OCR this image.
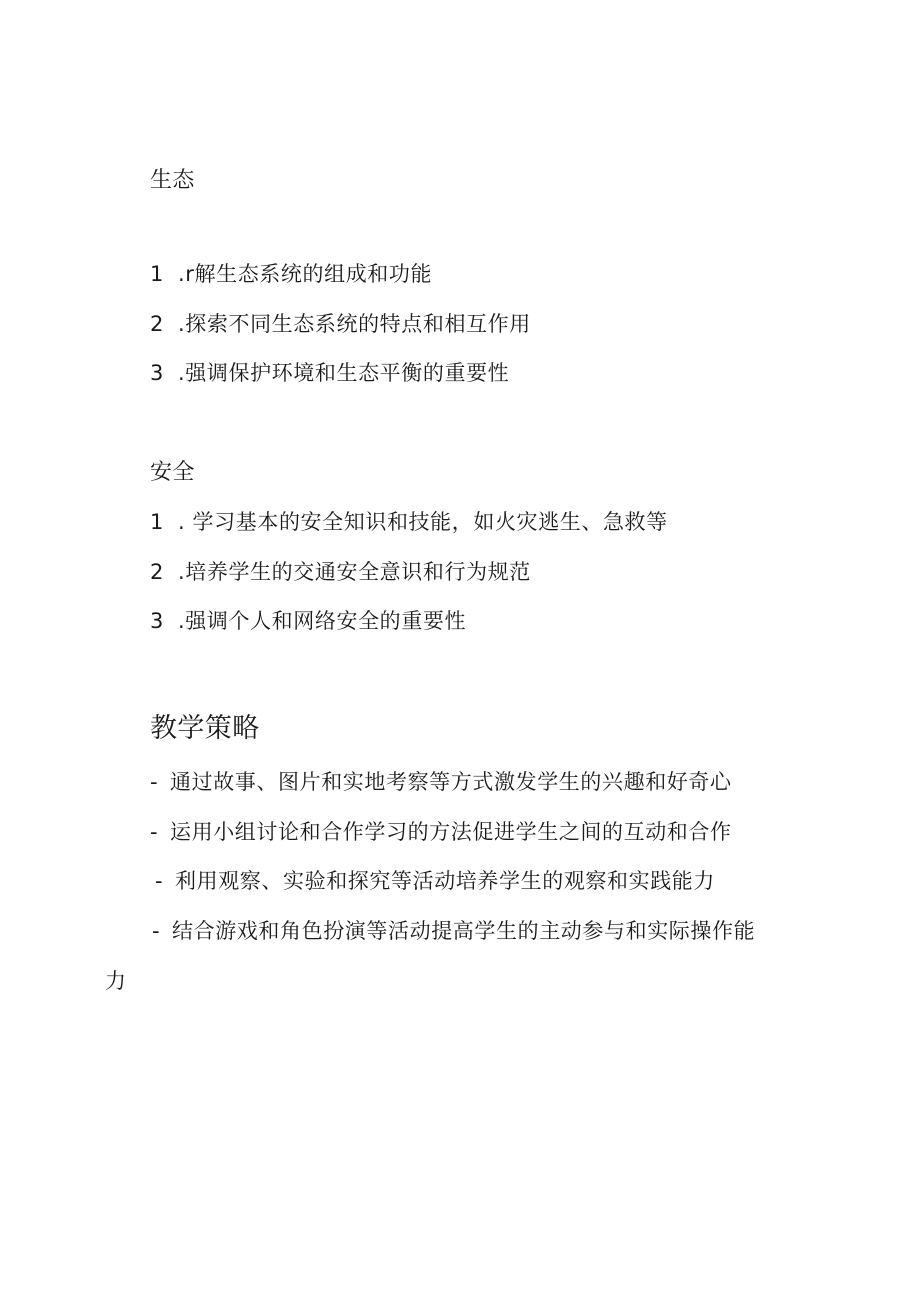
生态
1 .r解生态系统的组成和功能
2 .探索不同生态系统的特点和相互作用
3 .强调保护环境和生态平衡的重要性
安全
1 . 学习基本的安全知识和技能，如火灾逃生、急救等
2 .培养学生的交通安全意识和行为规范
3 .强调个人和网络安全的重要性
教学策略
- 通过故事、图片和实地考察等方式激发学生的兴趣和好奇心
- 运用小组讨论和合作学习的方法促进学生之间的互动和合作
- 利用观察、实验和探究等活动培养学生的观察和实践能力
- 结合游戏和角色扮演等活动提高学生的主动参与和实际操作能
力
